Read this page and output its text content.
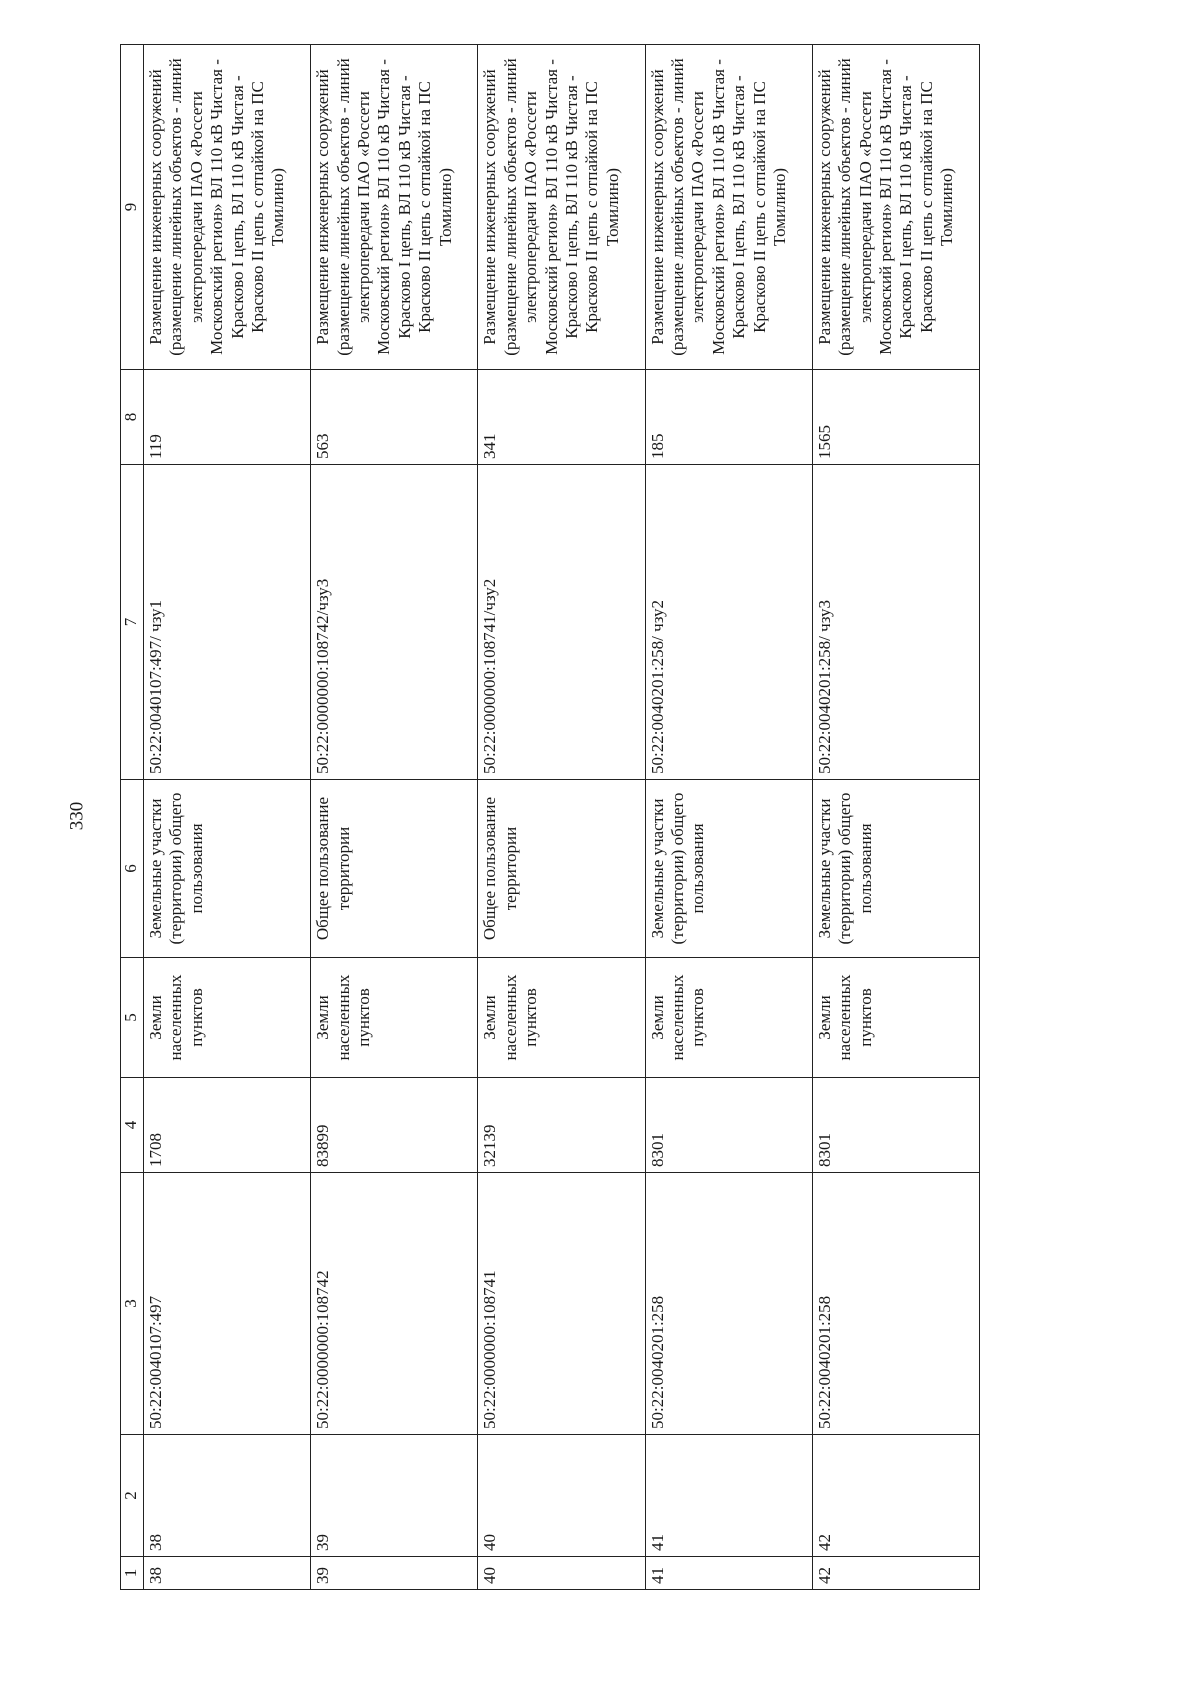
330
1	2	3	4	5	6	7	8	9
38	38	50:22:0040107:497	1708	Земли населенных пунктов	Земельные участки (территории) общего пользования	50:22:0040107:497/ чзу1	119	Размещение инженерных сооружений (размещение линейных объектов - линий электропередачи ПАО «Россети Московский регион» ВЛ 110 кВ Чистая - Красково I цепь, ВЛ 110 кВ Чистая - Красково II цепь с отпайкой на ПС Томилино)
39	39	50:22:0000000:108742	83899	Земли населенных пунктов	Общее пользование территории	50:22:0000000:108742/чзу3	563	Размещение инженерных сооружений (размещение линейных объектов - линий электропередачи ПАО «Россети Московский регион» ВЛ 110 кВ Чистая - Красково I цепь, ВЛ 110 кВ Чистая - Красково II цепь с отпайкой на ПС Томилино)
40	40	50:22:0000000:108741	32139	Земли населенных пунктов	Общее пользование территории	50:22:0000000:108741/чзу2	341	Размещение инженерных сооружений (размещение линейных объектов - линий электропередачи ПАО «Россети Московский регион» ВЛ 110 кВ Чистая - Красково I цепь, ВЛ 110 кВ Чистая - Красково II цепь с отпайкой на ПС Томилино)
41	41	50:22:0040201:258	8301	Земли населенных пунктов	Земельные участки (территории) общего пользования	50:22:0040201:258/ чзу2	185	Размещение инженерных сооружений (размещение линейных объектов - линий электропередачи ПАО «Россети Московский регион» ВЛ 110 кВ Чистая - Красково I цепь, ВЛ 110 кВ Чистая - Красково II цепь с отпайкой на ПС Томилино)
42	42	50:22:0040201:258	8301	Земли населенных пунктов	Земельные участки (территории) общего пользования	50:22:0040201:258/ чзу3	1565	Размещение инженерных сооружений (размещение линейных объектов - линий электропередачи ПАО «Россети Московский регион» ВЛ 110 кВ Чистая - Красково I цепь, ВЛ 110 кВ Чистая - Красково II цепь с отпайкой на ПС Томилино)
